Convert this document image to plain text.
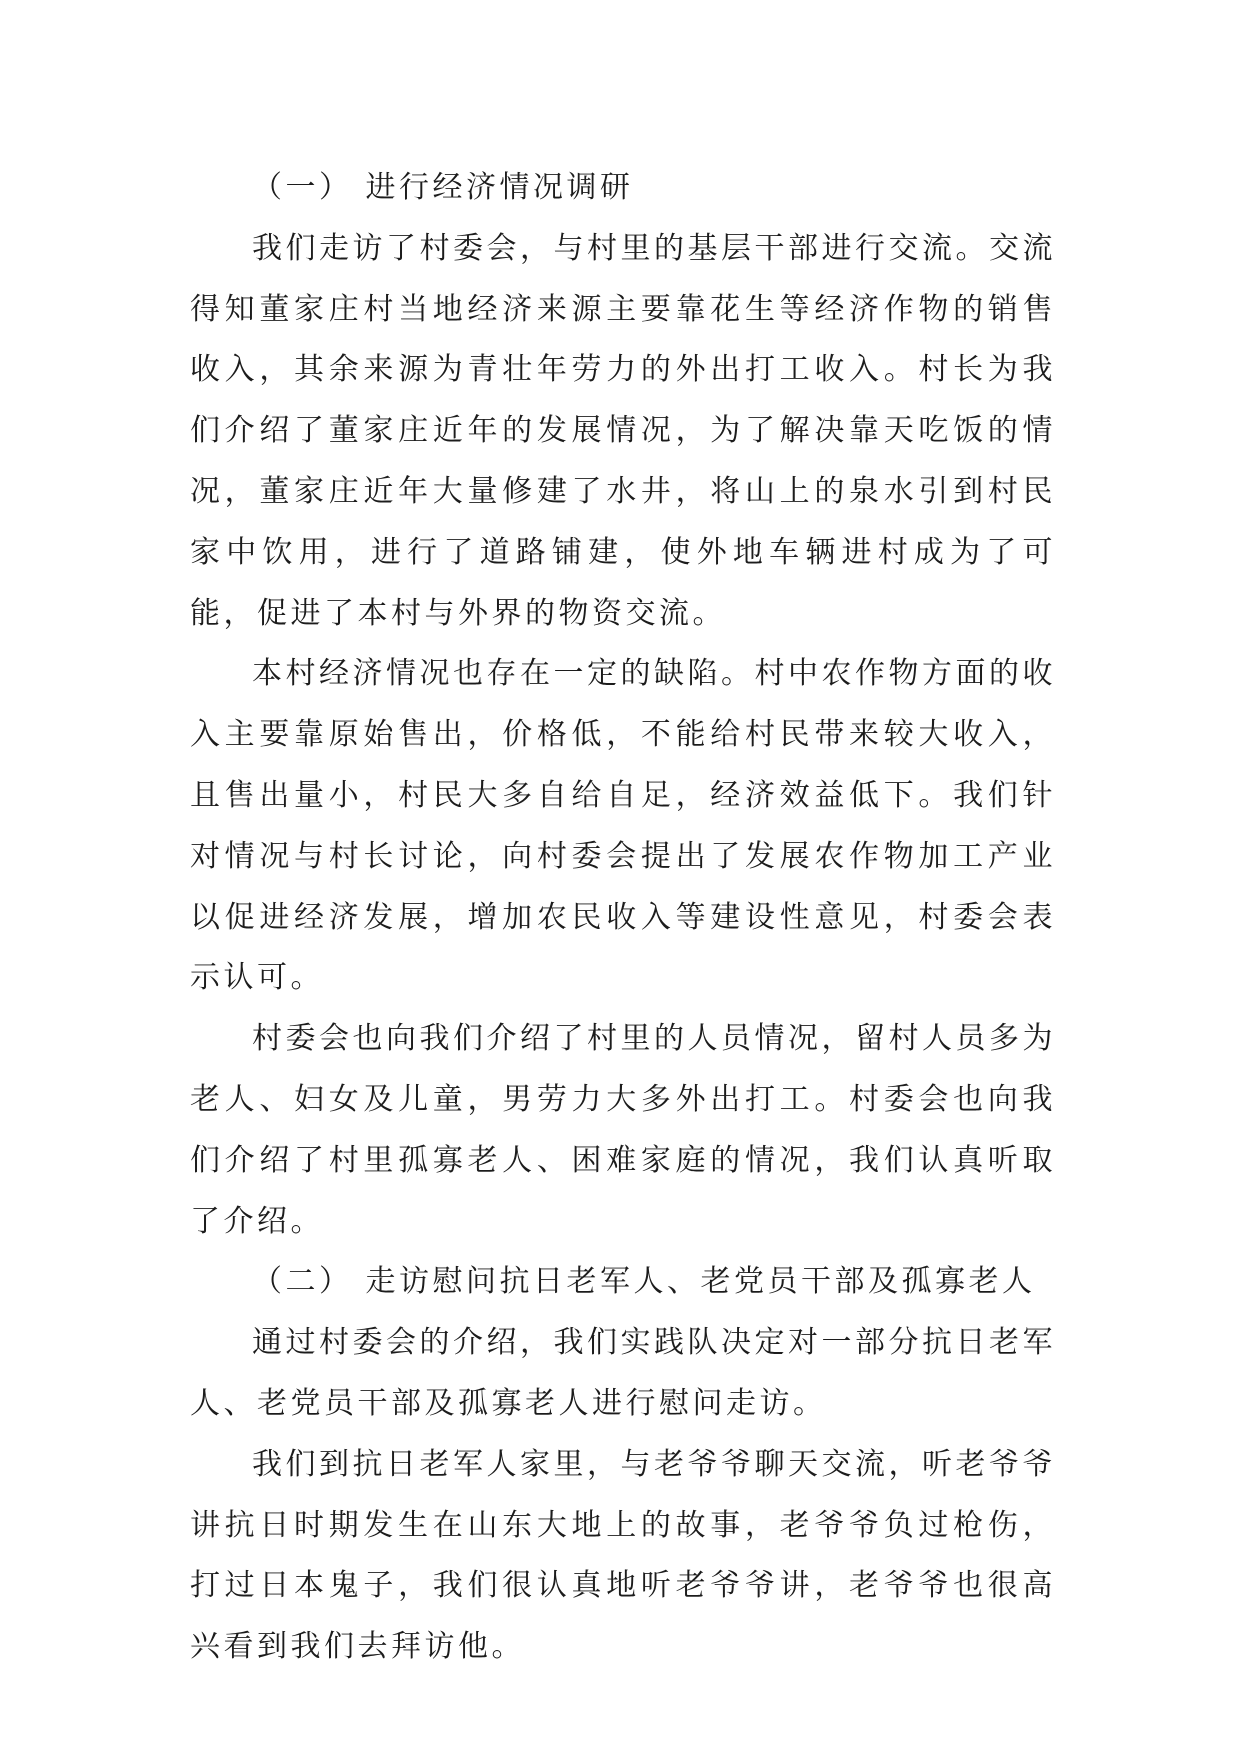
（一） 进行经济情况调研

我们走访了村委会，与村里的基层干部进行交流。交流得知董家庄村当地经济来源主要靠花生等经济作物的销售收入，其余来源为青壮年劳力的外出打工收入。村长为我们介绍了董家庄近年的发展情况，为了解决靠天吃饭的情况，董家庄近年大量修建了水井，将山上的泉水引到村民家中饮用，进行了道路铺建，使外地车辆进村成为了可能，促进了本村与外界的物资交流。

本村经济情况也存在一定的缺陷。村中农作物方面的收入主要靠原始售出，价格低，不能给村民带来较大收入，且售出量小，村民大多自给自足，经济效益低下。我们针对情况与村长讨论，向村委会提出了发展农作物加工产业以促进经济发展，增加农民收入等建设性意见，村委会表示认可。

村委会也向我们介绍了村里的人员情况，留村人员多为老人、妇女及儿童，男劳力大多外出打工。村委会也向我们介绍了村里孤寡老人、困难家庭的情况，我们认真听取了介绍。

（二） 走访慰问抗日老军人、老党员干部及孤寡老人

通过村委会的介绍，我们实践队决定对一部分抗日老军人、老党员干部及孤寡老人进行慰问走访。

我们到抗日老军人家里，与老爷爷聊天交流，听老爷爷讲抗日时期发生在山东大地上的故事，老爷爷负过枪伤，打过日本鬼子，我们很认真地听老爷爷讲，老爷爷也很高兴看到我们去拜访他。
